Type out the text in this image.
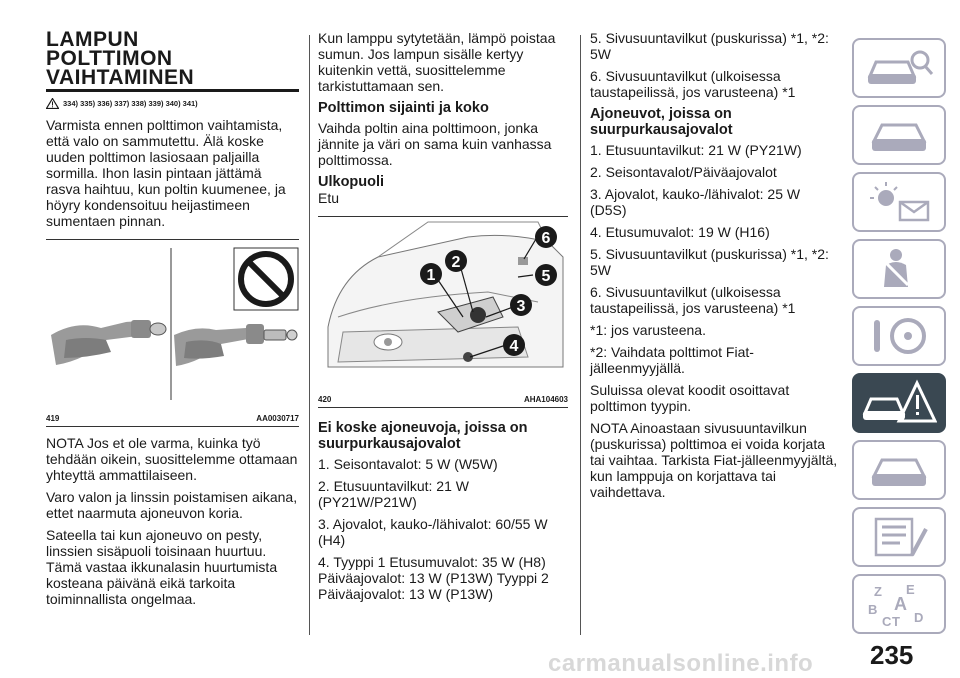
LAMPUN
POLTTIMON
VAIHTAMINEN
334) 335) 336) 337) 338) 339) 340) 341)

Varmista ennen polttimon vaihtamista, että valo on sammutettu. Älä koske uuden polttimon lasiosaan paljailla sormilla. Ihon lasin pintaan jättämä rasva haihtuu, kun poltin kuumenee, ja höyry kondensoituu heijastimeen sumentaen pinnan.

419	AA0030717

NOTA Jos et ole varma, kuinka työ tehdään oikein, suosittelemme ottamaan yhteyttä ammattilaiseen.

Varo valon ja linssin poistamisen aikana, ettet naarmuta ajoneuvon koria.

Sateella tai kun ajoneuvo on pesty, linssien sisäpuoli toisinaan huurtuu. Tämä vastaa ikkunalasin huurtumista kosteana päivänä eikä tarkoita toiminnallista ongelmaa.

Kun lamppu sytytetään, lämpö poistaa sumun. Jos lampun sisälle kertyy kuitenkin vettä, suosittelemme tarkistuttamaan sen.

Polttimon sijainti ja koko

Vaihda poltin aina polttimoon, jonka jännite ja väri on sama kuin vanhassa polttimossa.

Ulkopuoli

Etu

1
2
3
4
5
6
420	AHA104603
Ei koske ajoneuvoja, joissa on suurpurkausajovalot

1. Seisontavalot: 5 W (W5W)

2. Etusuuntavilkut: 21 W (PY21W/P21W)

3. Ajovalot, kauko-/lähivalot: 60/55 W (H4)

4. Tyyppi 1 Etusumuvalot: 35 W (H8) Päiväajovalot: 13 W (P13W) Tyyppi 2 Päiväajovalot: 13 W (P13W)

5. Sivusuuntavilkut (puskurissa) *1, *2: 5W

6. Sivusuuntavilkut (ulkoisessa taustapeilissä, jos varusteena) *1

Ajoneuvot, joissa on suurpurkausajovalot

1. Etusuuntavilkut: 21 W (PY21W)

2. Seisontavalot/Päiväajovalot

3. Ajovalot, kauko-/lähivalot: 25 W (D5S)

4. Etusumuvalot: 19 W (H16)

5. Sivusuuntavilkut (puskurissa) *1, *2: 5W

6. Sivusuuntavilkut (ulkoisessa taustapeilissä, jos varusteena) *1

*1: jos varusteena.

*2: Vaihdata polttimot Fiat-jälleenmyyjällä.

Suluissa olevat koodit osoittavat polttimon tyypin.

NOTA Ainoastaan sivusuuntavilkun (puskurissa) polttimoa ei voida korjata tai vaihtaa. Tarkista Fiat-jälleenmyyjältä, kun lamppuja on korjattava tai vaihdettava.

Z E
B A
C T D
carmanualsonline.info 235
